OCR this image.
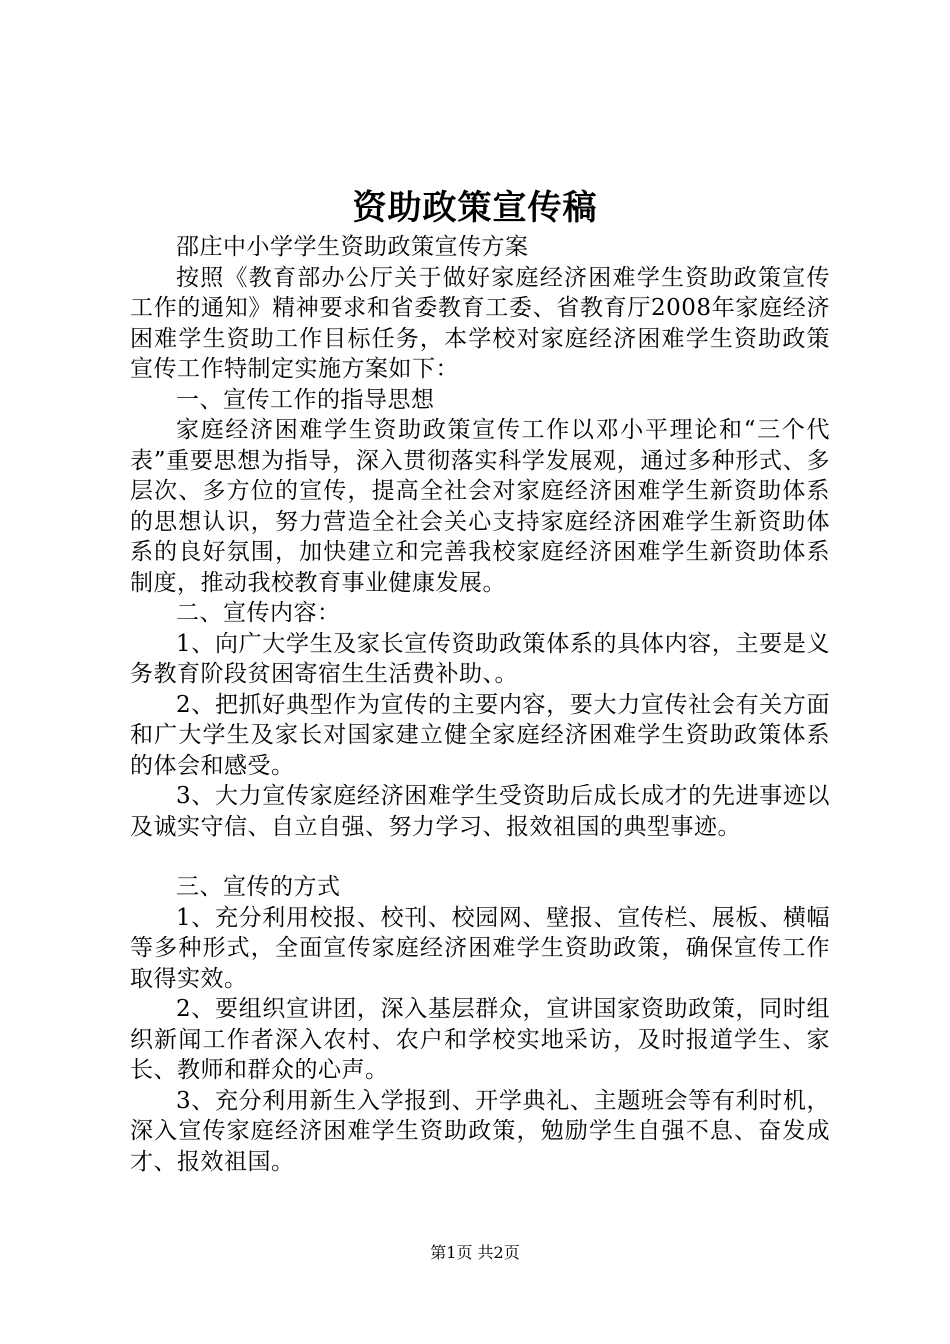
资助政策宣传稿

邵庄中小学学生资助政策宣传方案

按照《教育部办公厅关于做好家庭经济困难学生资助政策宣传工作的通知》精神要求和省委教育工委、省教育厅2008年家庭经济困难学生资助工作目标任务，本学校对家庭经济困难学生资助政策宣传工作特制定实施方案如下：

一、宣传工作的指导思想

家庭经济困难学生资助政策宣传工作以邓小平理论和“三个代表”重要思想为指导，深入贯彻落实科学发展观，通过多种形式、多层次、多方位的宣传，提高全社会对家庭经济困难学生新资助体系的思想认识，努力营造全社会关心支持家庭经济困难学生新资助体系的良好氛围，加快建立和完善我校家庭经济困难学生新资助体系制度，推动我校教育事业健康发展。

二、宣传内容：

1、向广大学生及家长宣传资助政策体系的具体内容，主要是义务教育阶段贫困寄宿生生活费补助、。

2、把抓好典型作为宣传的主要内容，要大力宣传社会有关方面和广大学生及家长对国家建立健全家庭经济困难学生资助政策体系的体会和感受。

3、大力宣传家庭经济困难学生受资助后成长成才的先进事迹以及诚实守信、自立自强、努力学习、报效祖国的典型事迹。

三、宣传的方式

1、充分利用校报、校刊、校园网、壁报、宣传栏、展板、横幅等多种形式，全面宣传家庭经济困难学生资助政策，确保宣传工作取得实效。

2、要组织宣讲团，深入基层群众，宣讲国家资助政策，同时组织新闻工作者深入农村、农户和学校实地采访，及时报道学生、家长、教师和群众的心声。

3、充分利用新生入学报到、开学典礼、主题班会等有利时机，深入宣传家庭经济困难学生资助政策，勉励学生自强不息、奋发成才、报效祖国。

第1页 共2页
